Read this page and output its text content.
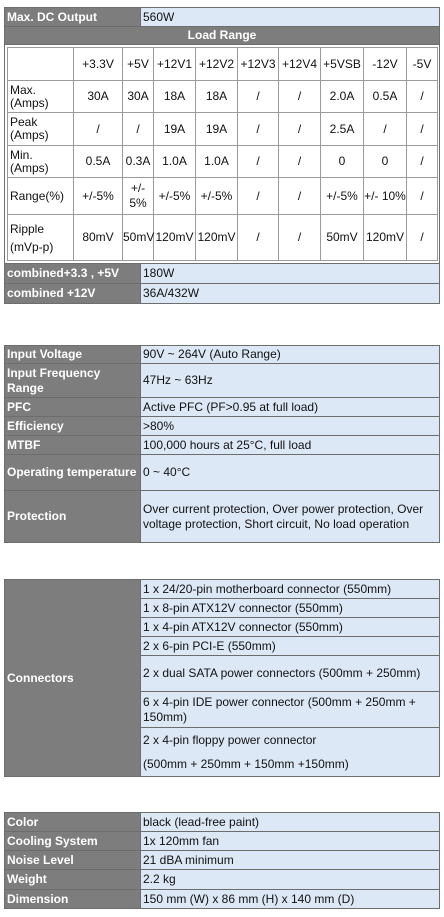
Max. DC Output	560W
Load Range

	+3.3V	+5V	+12V1	+12V2	+12V3	+12V4	+5VSB	-12V	-5V
Max. (Amps)	30A	30A	18A	18A	/	/	2.0A	0.5A	/
Peak (Amps)	/	/	19A	19A	/	/	2.5A	/	/
Min. (Amps)	0.5A	0.3A	1.0A	1.0A	/	/	0	0	/
Range(%)	+/-5%	+/- 5%	+/-5%	+/-5%	/	/	+/-5%	+/- 10%	/
Ripple (mVp-p)	80mV	50mV	120mV	120mV	/	/	50mV	120mV	/

combined+3.3 , +5V	180W
combined +12V	36A/432W
Input Voltage	90V ~ 264V (Auto Range)
Input Frequency Range	47Hz ~ 63Hz
PFC	Active PFC (PF>0.95 at full load)
Efficiency	>80%
MTBF	100,000 hours at 25°C, full load
Operating temperature	0 ~ 40°C
Protection	Over current protection, Over power protection, Over voltage protection, Short circuit, No load operation
Connectors	1 x 24/20-pin motherboard connector (550mm)
1 x 8-pin ATX12V connector (550mm)
1 x 4-pin ATX12V connector (550mm)
2 x 6-pin PCI-E (550mm)
2 x dual SATA power connectors (500mm + 250mm)
6 x 4-pin IDE power connector (500mm + 250mm + 150mm)

2 x 4-pin floppy power connector
(500mm + 250mm + 150mm +150mm)
Color	black (lead-free paint)
Cooling System	1x 120mm fan
Noise Level	21 dBA minimum
Weight	2.2 kg
Dimension	150 mm (W) x 86 mm (H) x 140 mm (D)
